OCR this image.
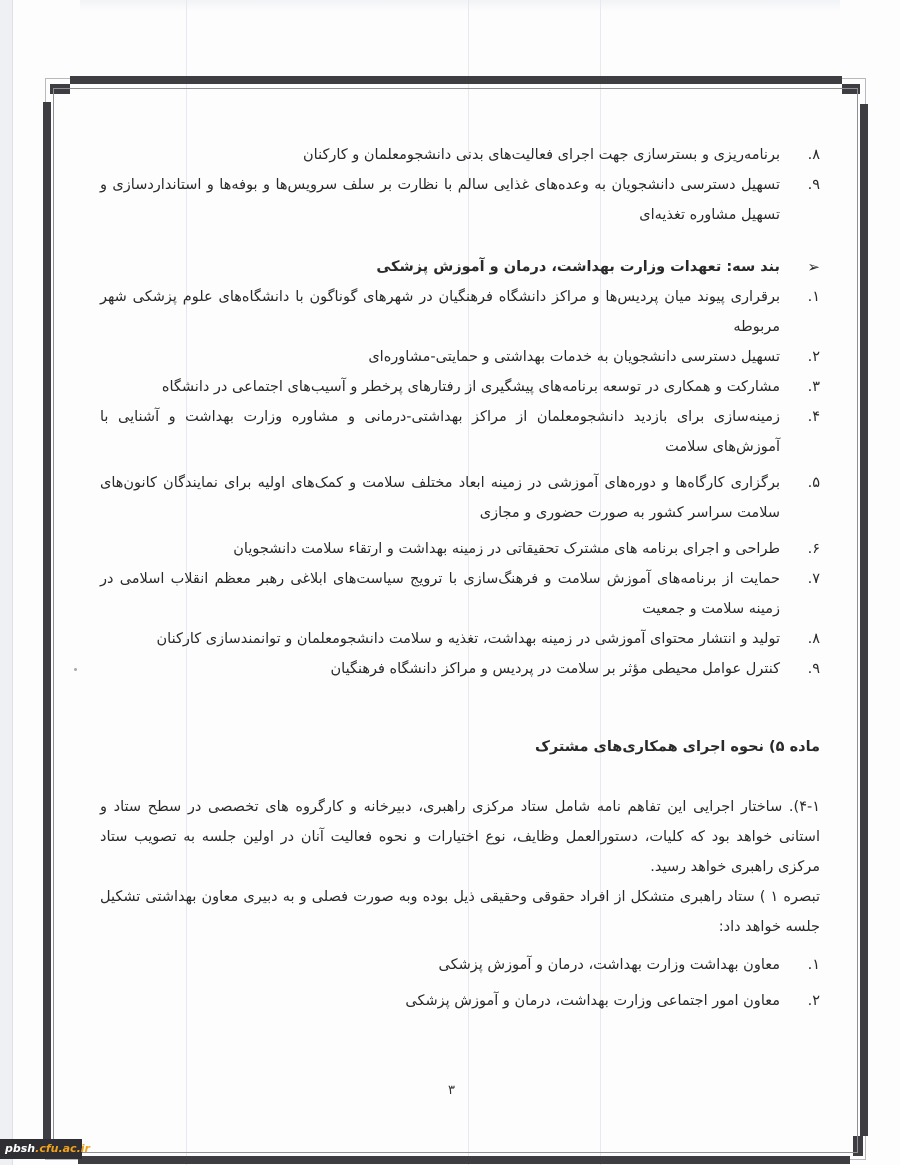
۸.
برنامه‌ریزی و بسترسازی جهت اجرای فعالیت‌های بدنی دانشجومعلمان و کارکنان
۹.
تسهیل دسترسی دانشجویان به وعده‌های غذایی سالم با نظارت بر سلف سرویس‌ها و بوفه‌ها و استانداردسازی و تسهیل مشاوره تغذیه‌ای
➢
بند سه: تعهدات وزارت بهداشت، درمان و آموزش پزشکی
۱.
برقراری پیوند میان پردیس‌ها و مراکز دانشگاه فرهنگیان در شهرهای گوناگون با دانشگاه‌های علوم پزشکی شهر مربوطه
۲.
تسهیل دسترسی دانشجویان به خدمات بهداشتی و حمایتی-مشاوره‌ای
۳.
مشارکت و همکاری در توسعه برنامه‌های پیشگیری از رفتارهای پرخطر و آسیب‌های اجتماعی در دانشگاه
۴.
زمینه‌سازی برای بازدید دانشجومعلمان از مراکز بهداشتی-درمانی و مشاوره وزارت بهداشت و آشنایی با آموزش‌های سلامت
۵.
برگزاری کارگاه‌ها و دوره‌های آموزشی در زمینه ابعاد مختلف سلامت و کمک‌های اولیه برای نمایندگان کانون‌های سلامت سراسر کشور به صورت حضوری و مجازی
۶.
طراحی و اجرای برنامه های مشترک تحقیقاتی در زمینه بهداشت و ارتقاء سلامت دانشجویان
۷.
حمایت از برنامه‌های آموزش سلامت و فرهنگ‌سازی با ترویج سیاست‌های ابلاغی رهبر معظم انقلاب اسلامی در زمینه سلامت و جمعیت
۸.
تولید و انتشار محتوای آموزشی در زمینه بهداشت، تغذیه و سلامت دانشجومعلمان و توانمندسازی کارکنان
۹.
کنترل عوامل محیطی مؤثر بر سلامت در پردیس و مراکز دانشگاه فرهنگیان
ماده ۵) نحوه اجرای همکاری‌های مشترک
۴-۱). ساختار اجرایی این تفاهم نامه شامل ستاد مرکزی راهبری، دبیرخانه و کارگروه های تخصصی در سطح ستاد و استانی خواهد بود که کلیات، دستورالعمل وظایف، نوع اختیارات و نحوه فعالیت آنان در اولین جلسه به تصویب ستاد مرکزی راهبری خواهد رسید.
تبصره ۱ ) ستاد راهبری متشکل از افراد حقوقی وحقیقی ذیل بوده وبه صورت فصلی و به دبیری معاون بهداشتی تشکیل جلسه خواهد داد:
۱.
معاون بهداشت وزارت بهداشت، درمان و آموزش پزشکی
۲.
معاون امور اجتماعی وزارت بهداشت، درمان و آموزش پزشکی
۳
pbsh.cfu.ac.ir
